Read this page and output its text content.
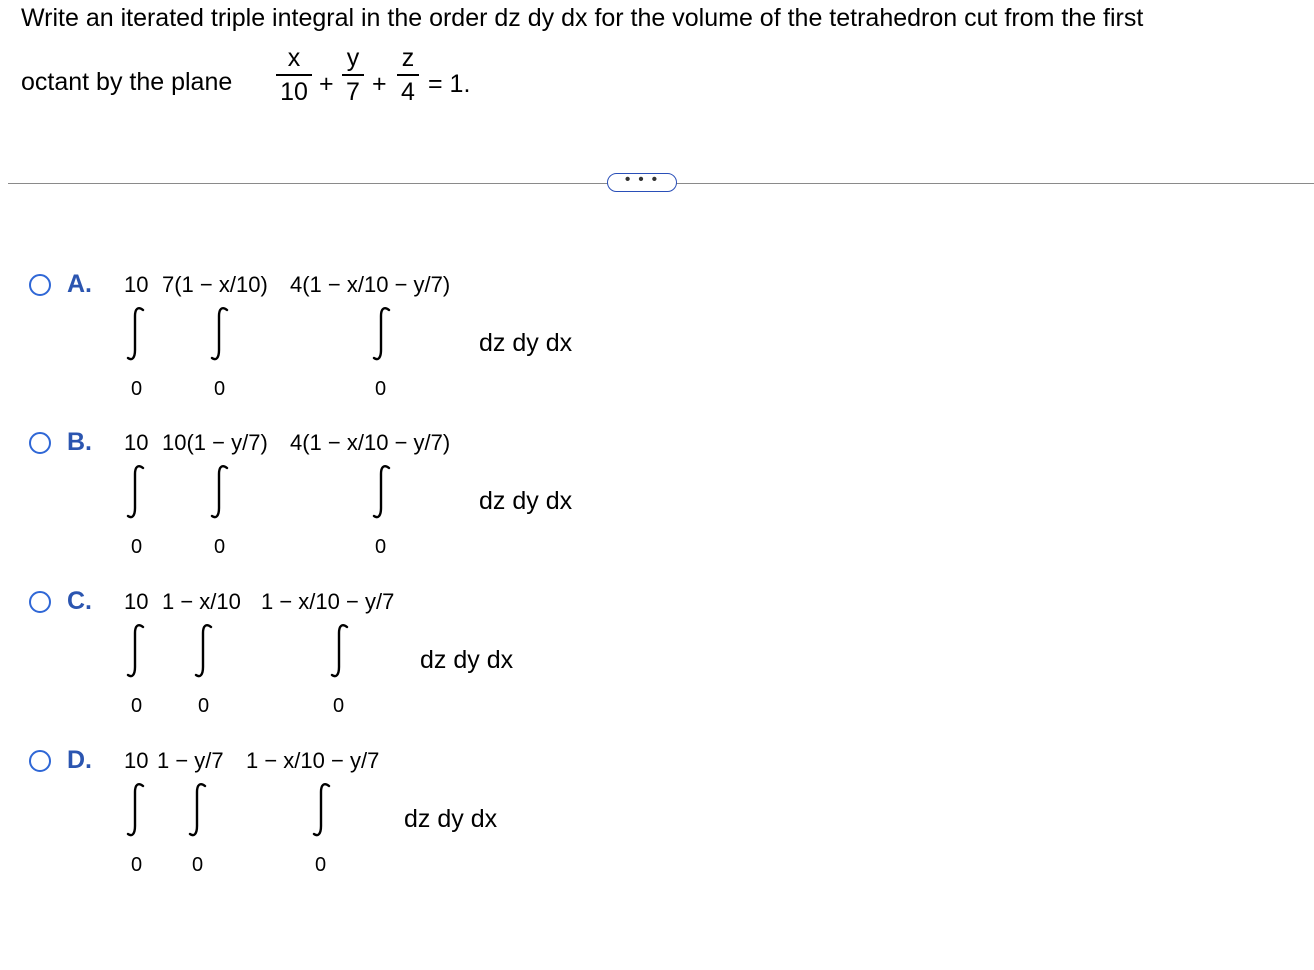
Write an iterated triple integral in the order dz dy dx for the volume of the tetrahedron cut from the first
octant by the plane
x
10 +
y
7 +
z
4 = 1.
• • •
A. 10 7(1 − x/10) 4(1 − x/10 − y/7)
0	0	0
dz dy dx
B. 10 10(1 − y/7) 4(1 − x/10 − y/7)
0	0	0
dz dy dx
C. 10 1 − x/10 1 − x/10 − y/7
0	0	0
dz dy dx
D. 10 1 − y/7 1 − x/10 − y/7
0 0	0
dz dy dx
